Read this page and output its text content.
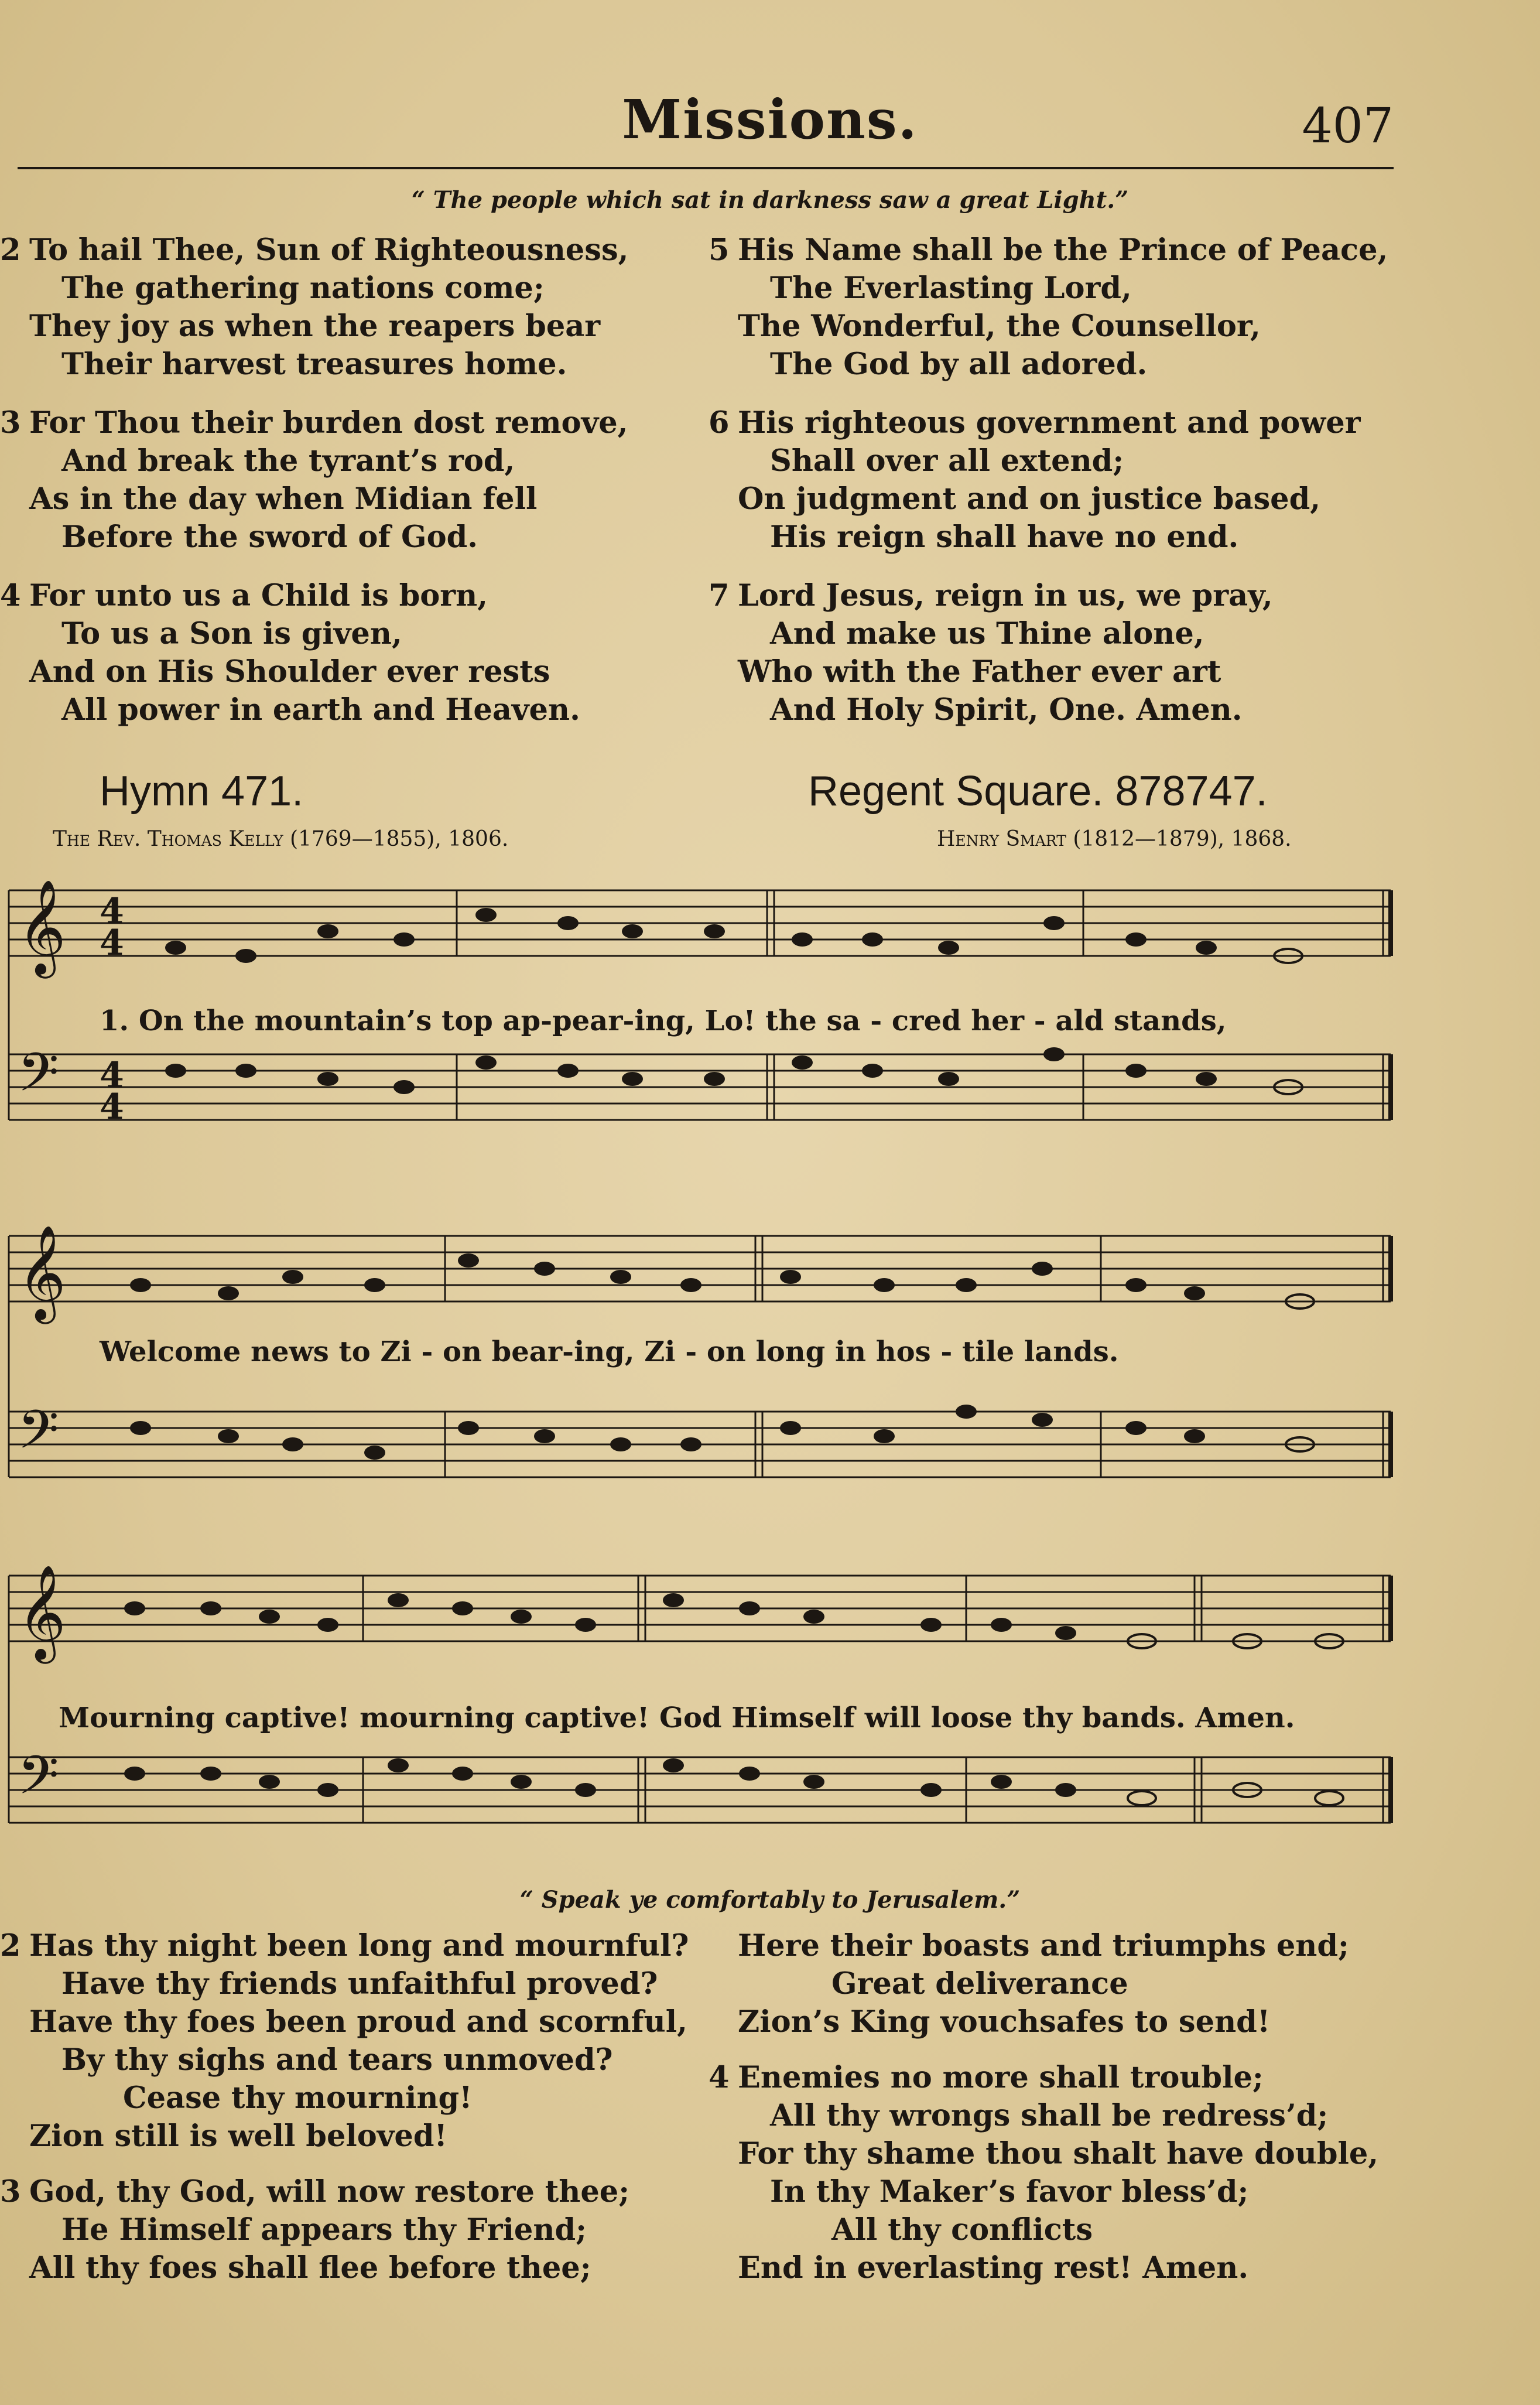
Missions.	407
“ The people which sat in darkness saw a great Light.”
2 To hail Thee, Sun of Righteousness,
The gathering nations come;
They joy as when the reapers bear
Their harvest treasures home.
3 For Thou their burden dost remove,
And break the tyrant’s rod,
As in the day when Midian fell
Before the sword of God.
4 For unto us a Child is born,
To us a Son is given,
And on His Shoulder ever rests
All power in earth and Heaven.
5 His Name shall be the Prince of Peace,
The Everlasting Lord,
The Wonderful, the Counsellor,
The God by all adored.
6 His righteous government and power
Shall over all extend;
On judgment and on justice based,
His reign shall have no end.
7 Lord Jesus, reign in us, we pray,
And make us Thine alone,
Who with the Father ever art
And Holy Spirit, One. Amen.
Hymn 471.	Regent Square. 878747.
The Rev. Thomas Kelly (1769—1855), 1806.	Henry Smart (1812—1879), 1868.
𝄞
𝄢
4
4
4
4
1. On the mountain’s top ap-pear-ing, Lo! the sa - cred her - ald stands,
𝄞
𝄢
Welcome news to Zi - on bear-ing, Zi - on long in hos - tile lands.
𝄞
𝄢
Mourning captive! mourning captive! God Himself will loose thy bands. Amen.
“ Speak ye comfortably to Jerusalem.”
2 Has thy night been long and mournful?
Have thy friends unfaithful proved?
Have thy foes been proud and scornful,
By thy sighs and tears unmoved?
Cease thy mourning!
Zion still is well beloved!
3 God, thy God, will now restore thee;
He Himself appears thy Friend;
All thy foes shall flee before thee;
Here their boasts and triumphs end;
Great deliverance
Zion’s King vouchsafes to send!
4 Enemies no more shall trouble;
All thy wrongs shall be redress’d;
For thy shame thou shalt have double,
In thy Maker’s favor bless’d;
All thy conflicts
End in everlasting rest! Amen.
